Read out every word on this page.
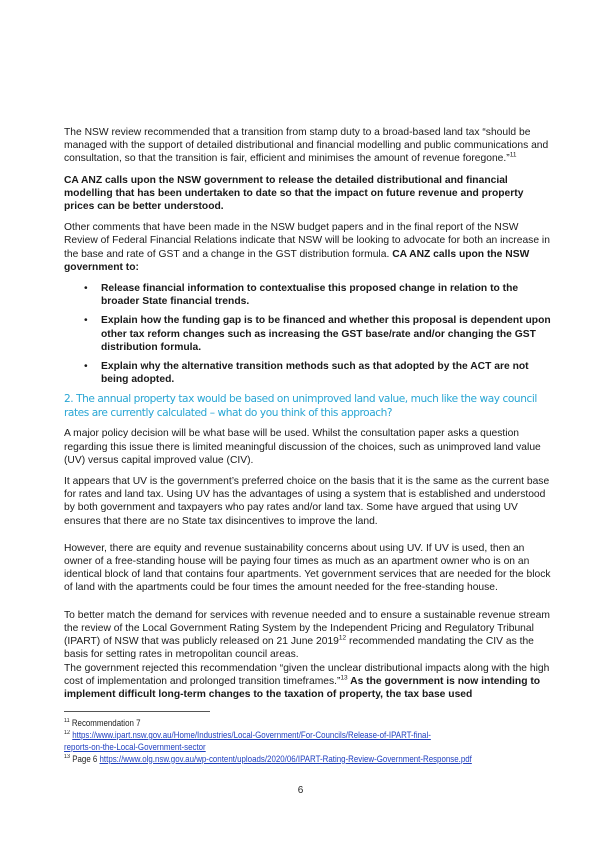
The NSW review recommended that a transition from stamp duty to a broad-based land tax “should be managed with the support of detailed distributional and financial modelling and public communications and consultation, so that the transition is fair, efficient and minimises the amount of revenue foregone.”$^{11}$

CA ANZ calls upon the NSW government to release the detailed distributional and financial modelling that has been undertaken to date so that the impact on future revenue and property prices can be better understood.

Other comments that have been made in the NSW budget papers and in the final report of the NSW Review of Federal Financial Relations indicate that NSW will be looking to advocate for both an increase in the base and rate of GST and a change in the GST distribution formula. CA ANZ calls upon the NSW government to:

• Release financial information to contextualise this proposed change in relation to the broader State financial trends.
• Explain how the funding gap is to be financed and whether this proposal is dependent upon other tax reform changes such as increasing the GST base/rate and/or changing the GST distribution formula.
• Explain why the alternative transition methods such as that adopted by the ACT are not being adopted.
2. The annual property tax would be based on unimproved land value, much like the way council rates are currently calculated – what do you think of this approach?

A major policy decision will be what base will be used. Whilst the consultation paper asks a question regarding this issue there is limited meaningful discussion of the choices, such as unimproved land value (UV) versus capital improved value (CIV).

It appears that UV is the government’s preferred choice on the basis that it is the same as the current base for rates and land tax. Using UV has the advantages of using a system that is established and understood by both government and taxpayers who pay rates and/or land tax. Some have argued that using UV ensures that there are no State tax disincentives to improve the land.

However, there are equity and revenue sustainability concerns about using UV. If UV is used, then an owner of a free-standing house will be paying four times as much as an apartment owner who is on an identical block of land that contains four apartments. Yet government services that are needed for the block of land with the apartments could be four times the amount needed for the free-standing house.

To better match the demand for services with revenue needed and to ensure a sustainable revenue stream the review of the Local Government Rating System by the Independent Pricing and Regulatory Tribunal (IPART) of NSW that was publicly released on 21 June 2019$^{12}$ recommended mandating the CIV as the basis for setting rates in metropolitan council areas.

The government rejected this recommendation “given the unclear distributional impacts along with the high cost of implementation and prolonged transition timeframes.”$^{13}$ As the government is now intending to implement difficult long-term changes to the taxation of property, the tax base used

$^{11}$ Recommendation 7
$^{12}$ https://www.ipart.nsw.gov.au/Home/Industries/Local-Government/For-Councils/Release-of-IPART-final-
reports-on-the-Local-Government-sector
$^{13}$ Page 6 https://www.olg.nsw.gov.au/wp-content/uploads/2020/06/IPART-Rating-Review-Government-Response.pdf
6
